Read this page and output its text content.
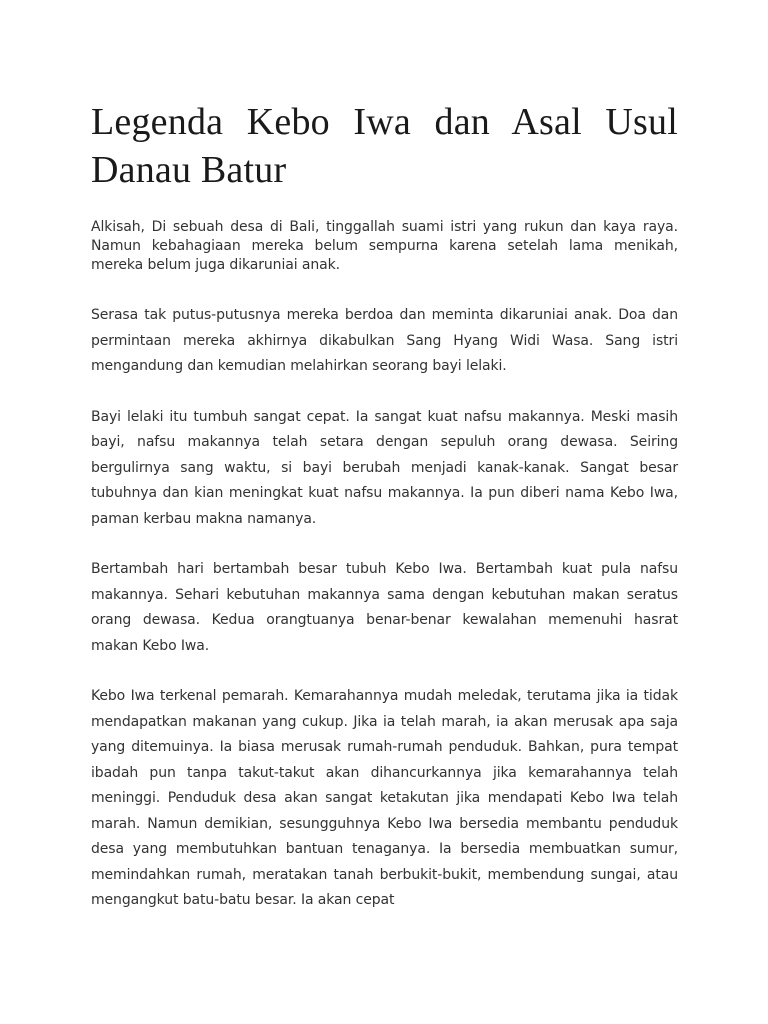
Legenda Kebo Iwa dan Asal Usul Danau Batur

Alkisah, Di sebuah desa di Bali, tinggallah suami istri yang rukun dan kaya raya. Namun kebahagiaan mereka belum sempurna karena setelah lama menikah, mereka belum juga dikaruniai anak.

Serasa tak putus-putusnya mereka berdoa dan meminta dikaruniai anak. Doa dan permintaan mereka akhirnya dikabulkan Sang Hyang Widi Wasa. Sang istri mengandung dan kemudian melahirkan seorang bayi lelaki.

Bayi lelaki itu tumbuh sangat cepat. Ia sangat kuat nafsu makannya. Meski masih bayi, nafsu makannya telah setara dengan sepuluh orang dewasa. Seiring bergulirnya sang waktu, si bayi berubah menjadi kanak-kanak. Sangat besar tubuhnya dan kian meningkat kuat nafsu makannya. Ia pun diberi nama Kebo Iwa, paman kerbau makna namanya.

Bertambah hari bertambah besar tubuh Kebo Iwa. Bertambah kuat pula nafsu makannya. Sehari kebutuhan makannya sama dengan kebutuhan makan seratus orang dewasa. Kedua orangtuanya benar-benar kewalahan memenuhi hasrat makan Kebo Iwa.

Kebo Iwa terkenal pemarah. Kemarahannya mudah meledak, terutama jika ia tidak mendapatkan makanan yang cukup. Jika ia telah marah, ia akan merusak apa saja yang ditemuinya. Ia biasa merusak rumah-rumah penduduk. Bahkan, pura tempat ibadah pun tanpa takut-takut akan dihancurkannya jika kemarahannya telah meninggi. Penduduk desa akan sangat ketakutan jika mendapati Kebo Iwa telah marah. Namun demikian, sesungguhnya Kebo Iwa bersedia membantu penduduk desa yang membutuhkan bantuan tenaganya. Ia bersedia membuatkan sumur, memindahkan rumah, meratakan tanah berbukit-bukit, membendung sungai, atau mengangkut batu-batu besar. Ia akan cepat
